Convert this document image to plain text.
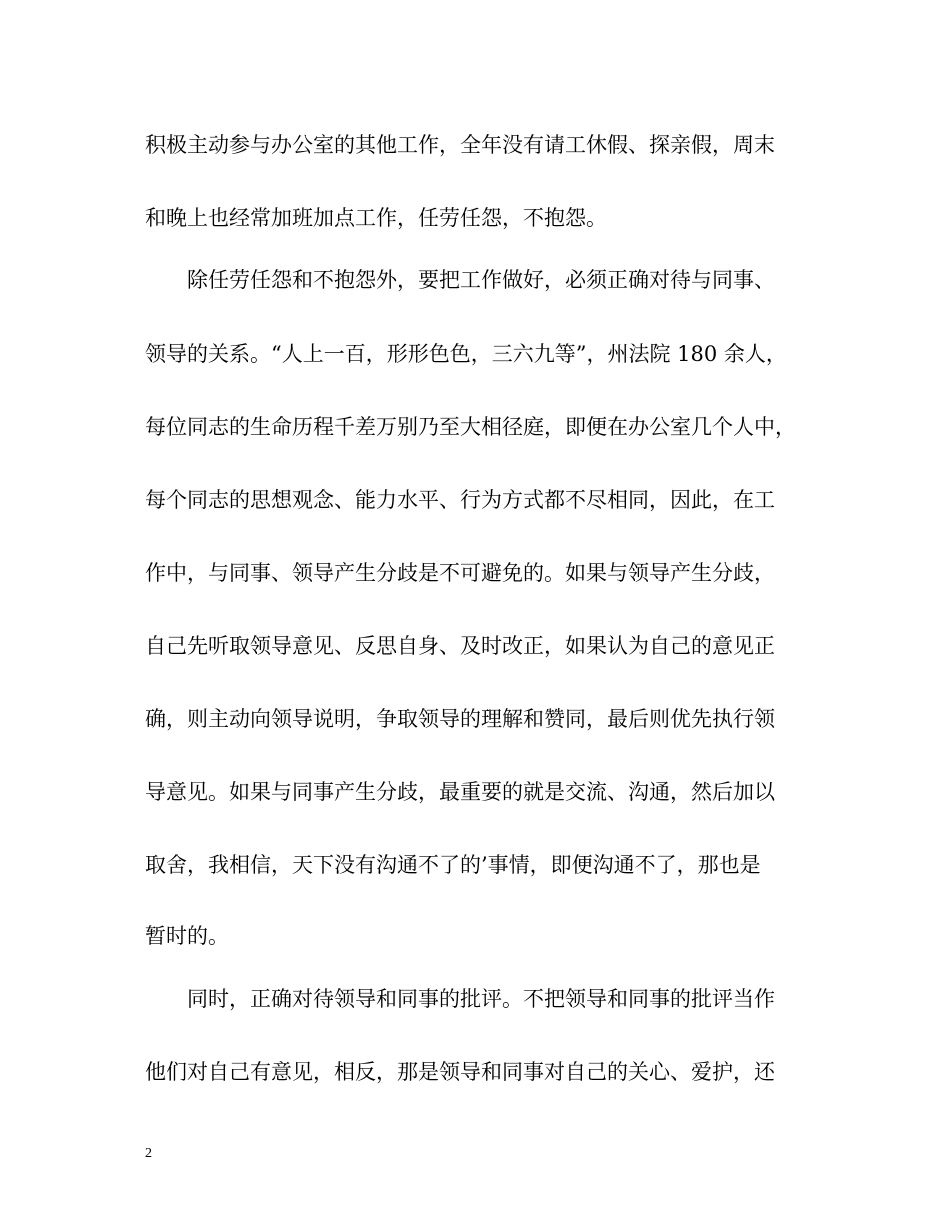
积极主动参与办公室的其他工作，全年没有请工休假、探亲假，周末
和晚上也经常加班加点工作，任劳任怨，不抱怨。
除任劳任怨和不抱怨外，要把工作做好，必须正确对待与同事、
领导的关系。“人上一百，形形色色，三六九等”，州法院 180 余人，
每位同志的生命历程千差万别乃至大相径庭，即便在办公室几个人中，
每个同志的思想观念、能力水平、行为方式都不尽相同，因此，在工
作中，与同事、领导产生分歧是不可避免的。如果与领导产生分歧，
自己先听取领导意见、反思自身、及时改正，如果认为自己的意见正
确，则主动向领导说明，争取领导的理解和赞同，最后则优先执行领
导意见。如果与同事产生分歧，最重要的就是交流、沟通，然后加以
取舍，我相信，天下没有沟通不了的’事情，即便沟通不了，那也是
暂时的。
同时，正确对待领导和同事的批评。不把领导和同事的批评当作
他们对自己有意见，相反，那是领导和同事对自己的关心、爱护，还
2
